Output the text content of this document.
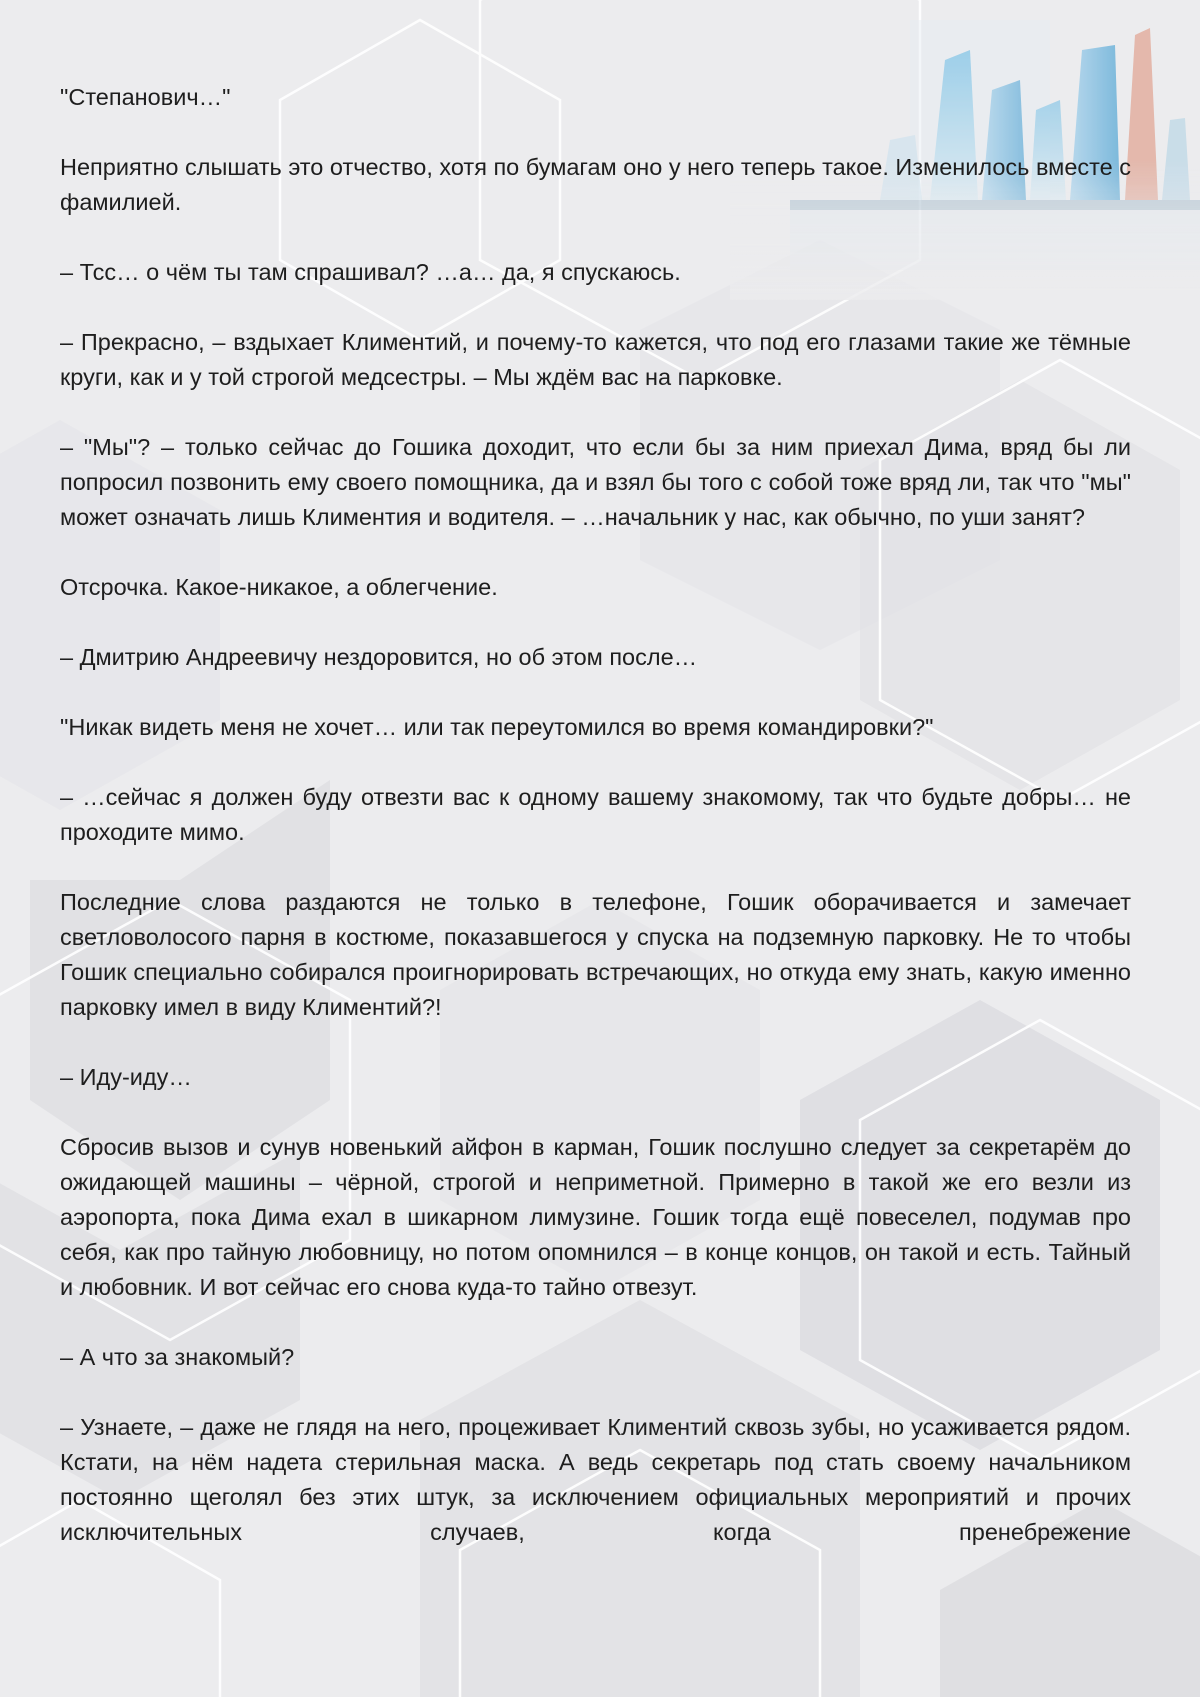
"Степанович…"

Неприятно слышать это отчество, хотя по бумагам оно у него теперь такое. Изменилось вместе с фамилией.

– Тсс… о чём ты там спрашивал? …а… да, я спускаюсь.

– Прекрасно, – вздыхает Климентий, и почему-то кажется, что под его глазами такие же тёмные круги, как и у той строгой медсестры. – Мы ждём вас на парковке.

– "Мы"? – только сейчас до Гошика доходит, что если бы за ним приехал Дима, вряд бы ли попросил позвонить ему своего помощника, да и взял бы того с собой тоже вряд ли, так что "мы" может означать лишь Климентия и водителя. – …начальник у нас, как обычно, по уши занят?

Отсрочка. Какое-никакое, а облегчение.

– Дмитрию Андреевичу нездоровится, но об этом после…

"Никак видеть меня не хочет… или так переутомился во время командировки?"

– …сейчас я должен буду отвезти вас к одному вашему знакомому, так что будьте добры… не проходите мимо.

Последние слова раздаются не только в телефоне, Гошик оборачивается и замечает светловолосого парня в костюме, показавшегося у спуска на подземную парковку. Не то чтобы Гошик специально собирался проигнорировать встречающих, но откуда ему знать, какую именно парковку имел в виду Климентий?!

– Иду-иду…

Сбросив вызов и сунув новенький айфон в карман, Гошик послушно следует за секретарём до ожидающей машины – чёрной, строгой и неприметной. Примерно в такой же его везли из аэропорта, пока Дима ехал в шикарном лимузине. Гошик тогда ещё повеселел, подумав про себя, как про тайную любовницу, но потом опомнился – в конце концов, он такой и есть. Тайный и любовник. И вот сейчас его снова куда-то тайно отвезут.

– А что за знакомый?

– Узнаете, – даже не глядя на него, процеживает Климентий сквозь зубы, но усаживается рядом. Кстати, на нём надета стерильная маска. А ведь секретарь под стать своему начальником постоянно щеголял без этих штук, за исключением официальных мероприятий и прочих исключительных случаев, когда пренебрежение
